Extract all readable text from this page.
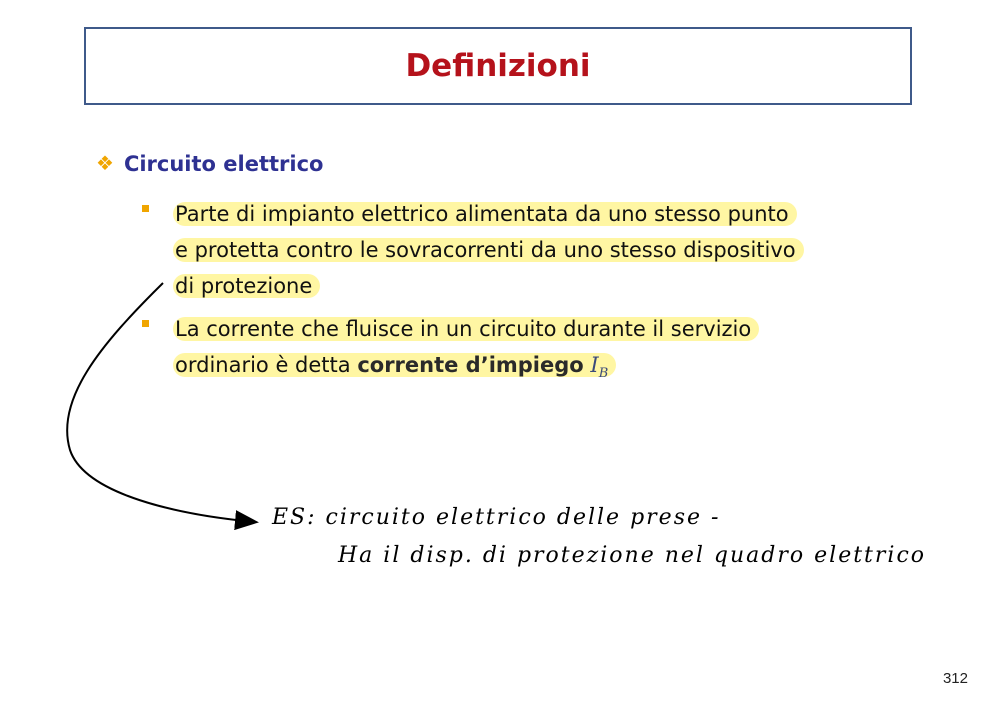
Definizioni
❖ Circuito elettrico
Parte di impianto elettrico alimentata da uno stesso punto
e protetta contro le sovracorrenti da uno stesso dispositivo
di protezione
La corrente che fluisce in un circuito durante il servizio
ordinario è detta corrente d’impiego $I_B$
ES: circuito elettrico delle prese -
Ha il disp. di protezione nel quadro elettrico
312
